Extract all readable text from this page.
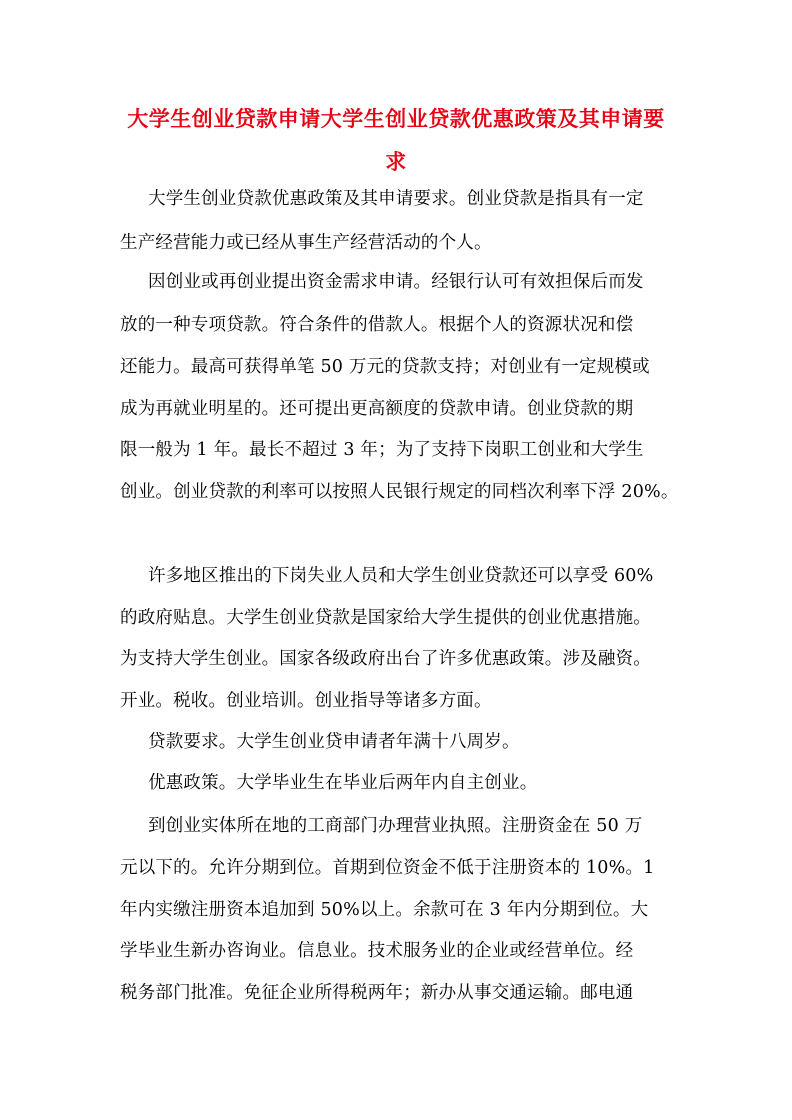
大学生创业贷款申请大学生创业贷款优惠政策及其申请要
求
大学生创业贷款优惠政策及其申请要求。创业贷款是指具有一定
生产经营能力或已经从事生产经营活动的个人。
因创业或再创业提出资金需求申请。经银行认可有效担保后而发
放的一种专项贷款。符合条件的借款人。根据个人的资源状况和偿
还能力。最高可获得单笔 50 万元的贷款支持；对创业有一定规模或
成为再就业明星的。还可提出更高额度的贷款申请。创业贷款的期
限一般为 1 年。最长不超过 3 年；为了支持下岗职工创业和大学生
创业。创业贷款的利率可以按照人民银行规定的同档次利率下浮 20%。
许多地区推出的下岗失业人员和大学生创业贷款还可以享受 60%
的政府贴息。大学生创业贷款是国家给大学生提供的创业优惠措施。
为支持大学生创业。国家各级政府出台了许多优惠政策。涉及融资。
开业。税收。创业培训。创业指导等诸多方面。
贷款要求。大学生创业贷申请者年满十八周岁。
优惠政策。大学毕业生在毕业后两年内自主创业。
到创业实体所在地的工商部门办理营业执照。注册资金在 50 万
元以下的。允许分期到位。首期到位资金不低于注册资本的 10%。1
年内实缴注册资本追加到 50%以上。余款可在 3 年内分期到位。大
学毕业生新办咨询业。信息业。技术服务业的企业或经营单位。经
税务部门批准。免征企业所得税两年；新办从事交通运输。邮电通
